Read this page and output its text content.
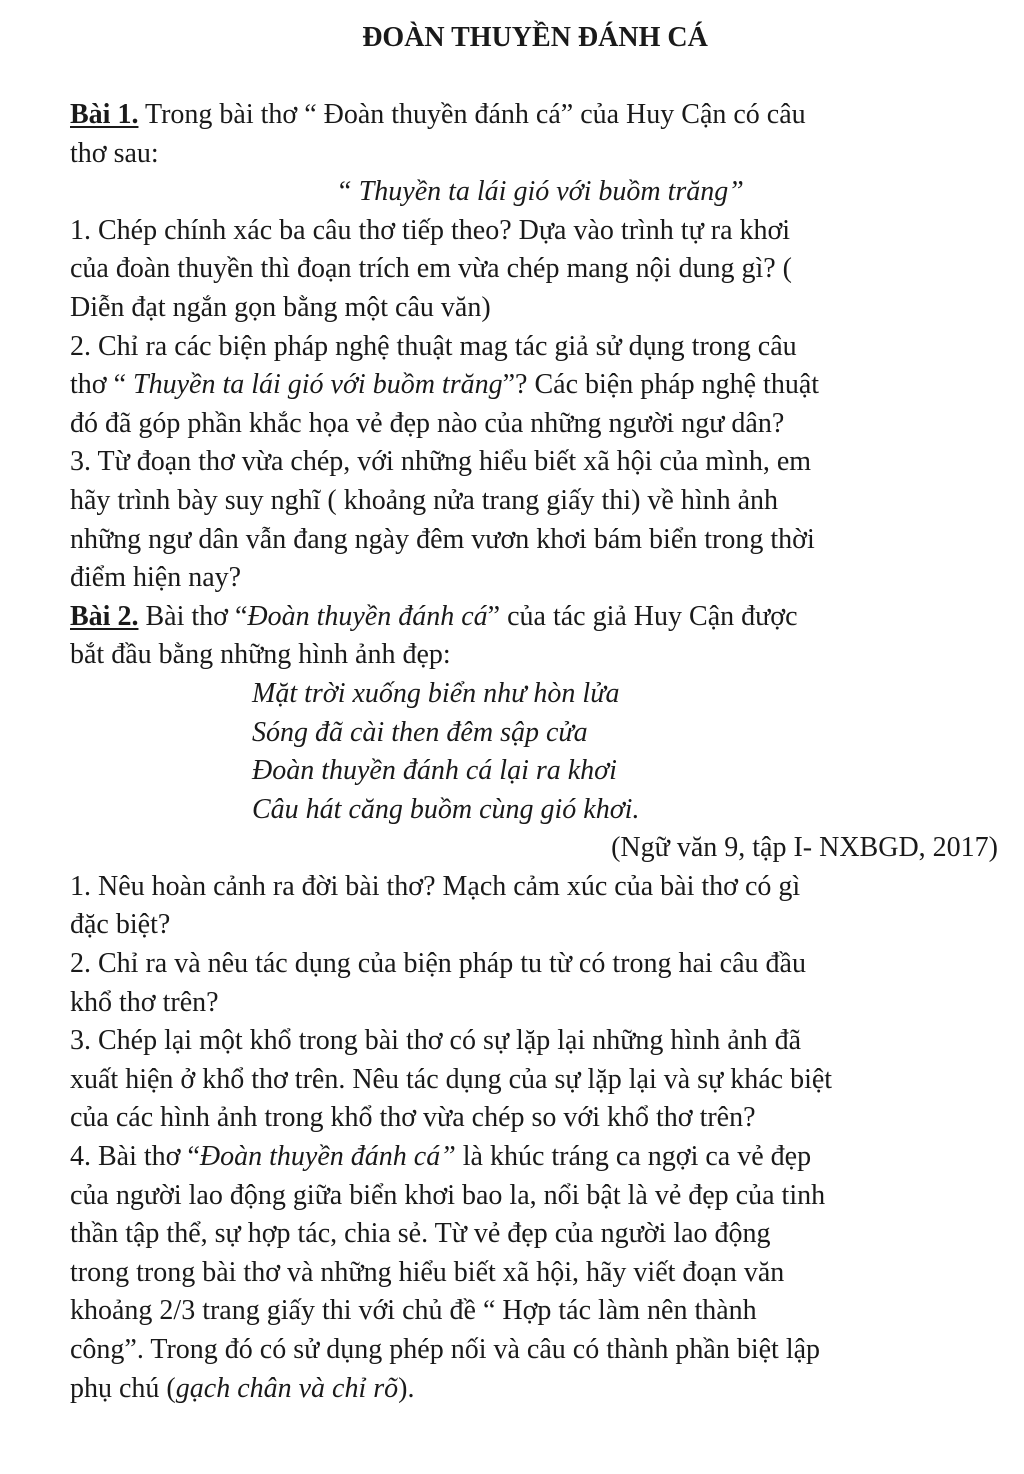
ĐOÀN THUYỀN ĐÁNH CÁ

Bài 1. Trong bài thơ “ Đoàn thuyền đánh cá” của Huy Cận có câu

thơ sau:

“ Thuyền ta lái gió với buồm trăng”

1. Chép chính xác ba câu thơ tiếp theo? Dựa vào trình tự ra khơi

của đoàn thuyền thì đoạn trích em vừa chép mang nội dung gì? (

Diễn đạt ngắn gọn bằng một câu văn)

2. Chỉ ra các biện pháp nghệ thuật mag tác giả sử dụng trong câu

thơ “ Thuyền ta lái gió với buồm trăng”? Các biện pháp nghệ thuật

đó đã góp phần khắc họa vẻ đẹp nào của những người ngư dân?

3. Từ đoạn thơ vừa chép, với những hiểu biết xã hội của mình, em

hãy trình bày suy nghĩ ( khoảng nửa trang giấy thi) về hình ảnh

những ngư dân vẫn đang ngày đêm vươn khơi bám biển trong thời

điểm hiện nay?

Bài 2. Bài thơ “Đoàn thuyền đánh cá” của tác giả Huy Cận được

bắt đầu bằng những hình ảnh đẹp:

Mặt trời xuống biển như hòn lửa

Sóng đã cài then đêm sập cửa

Đoàn thuyền đánh cá lại ra khơi

Câu hát căng buồm cùng gió khơi.

(Ngữ văn 9, tập I- NXBGD, 2017)

1. Nêu hoàn cảnh ra đời bài thơ? Mạch cảm xúc của bài thơ có gì

đặc biệt?

2. Chỉ ra và nêu tác dụng của biện pháp tu từ có trong hai câu đầu

khổ thơ trên?

3. Chép lại một khổ trong bài thơ có sự lặp lại những hình ảnh đã

xuất hiện ở khổ thơ trên. Nêu tác dụng của sự lặp lại và sự khác biệt

của các hình ảnh trong khổ thơ vừa chép so với khổ thơ trên?

4. Bài thơ “Đoàn thuyền đánh cá” là khúc tráng ca ngợi ca vẻ đẹp

của người lao động giữa biển khơi bao la, nổi bật là vẻ đẹp của tinh

thần tập thể, sự hợp tác, chia sẻ. Từ vẻ đẹp của người lao động

trong trong bài thơ và những hiểu biết xã hội, hãy viết đoạn văn

khoảng 2/3 trang giấy thi với chủ đề “ Hợp tác làm nên thành

công”. Trong đó có sử dụng phép nối và câu có thành phần biệt lập

phụ chú (gạch chân và chỉ rõ).
